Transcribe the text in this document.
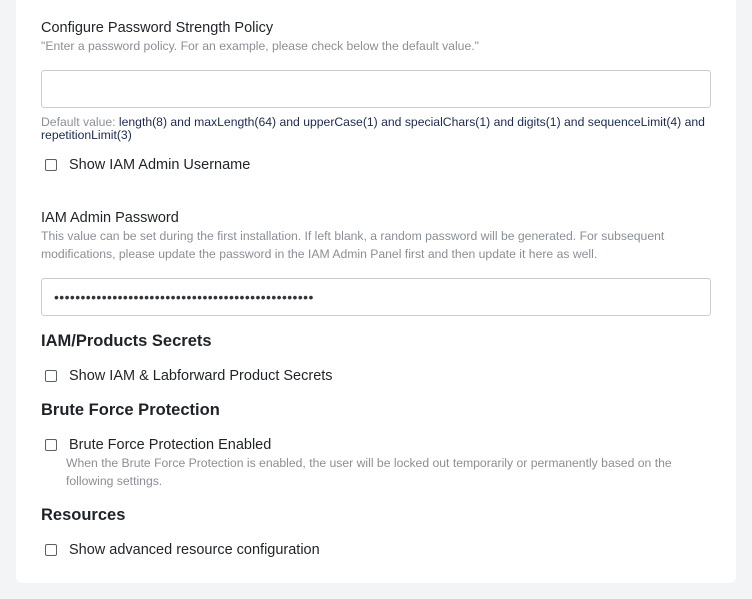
Configure Password Strength Policy
"Enter a password policy. For an example, please check below the default value."
Default value: length(8) and maxLength(64) and upperCase(1) and specialChars(1) and digits(1) and sequenceLimit(4) and repetitionLimit(3)
Show IAM Admin Username
IAM Admin Password
This value can be set during the first installation. If left blank, a random password will be generated. For subsequent modifications, please update the password in the IAM Admin Panel first and then update it here as well.
•••••••••••••••••••••••••••••••••••••••••••••••••
IAM/Products Secrets
Show IAM & Labforward Product Secrets
Brute Force Protection
Brute Force Protection Enabled
When the Brute Force Protection is enabled, the user will be locked out temporarily or permanently based on the following settings.
Resources
Show advanced resource configuration
